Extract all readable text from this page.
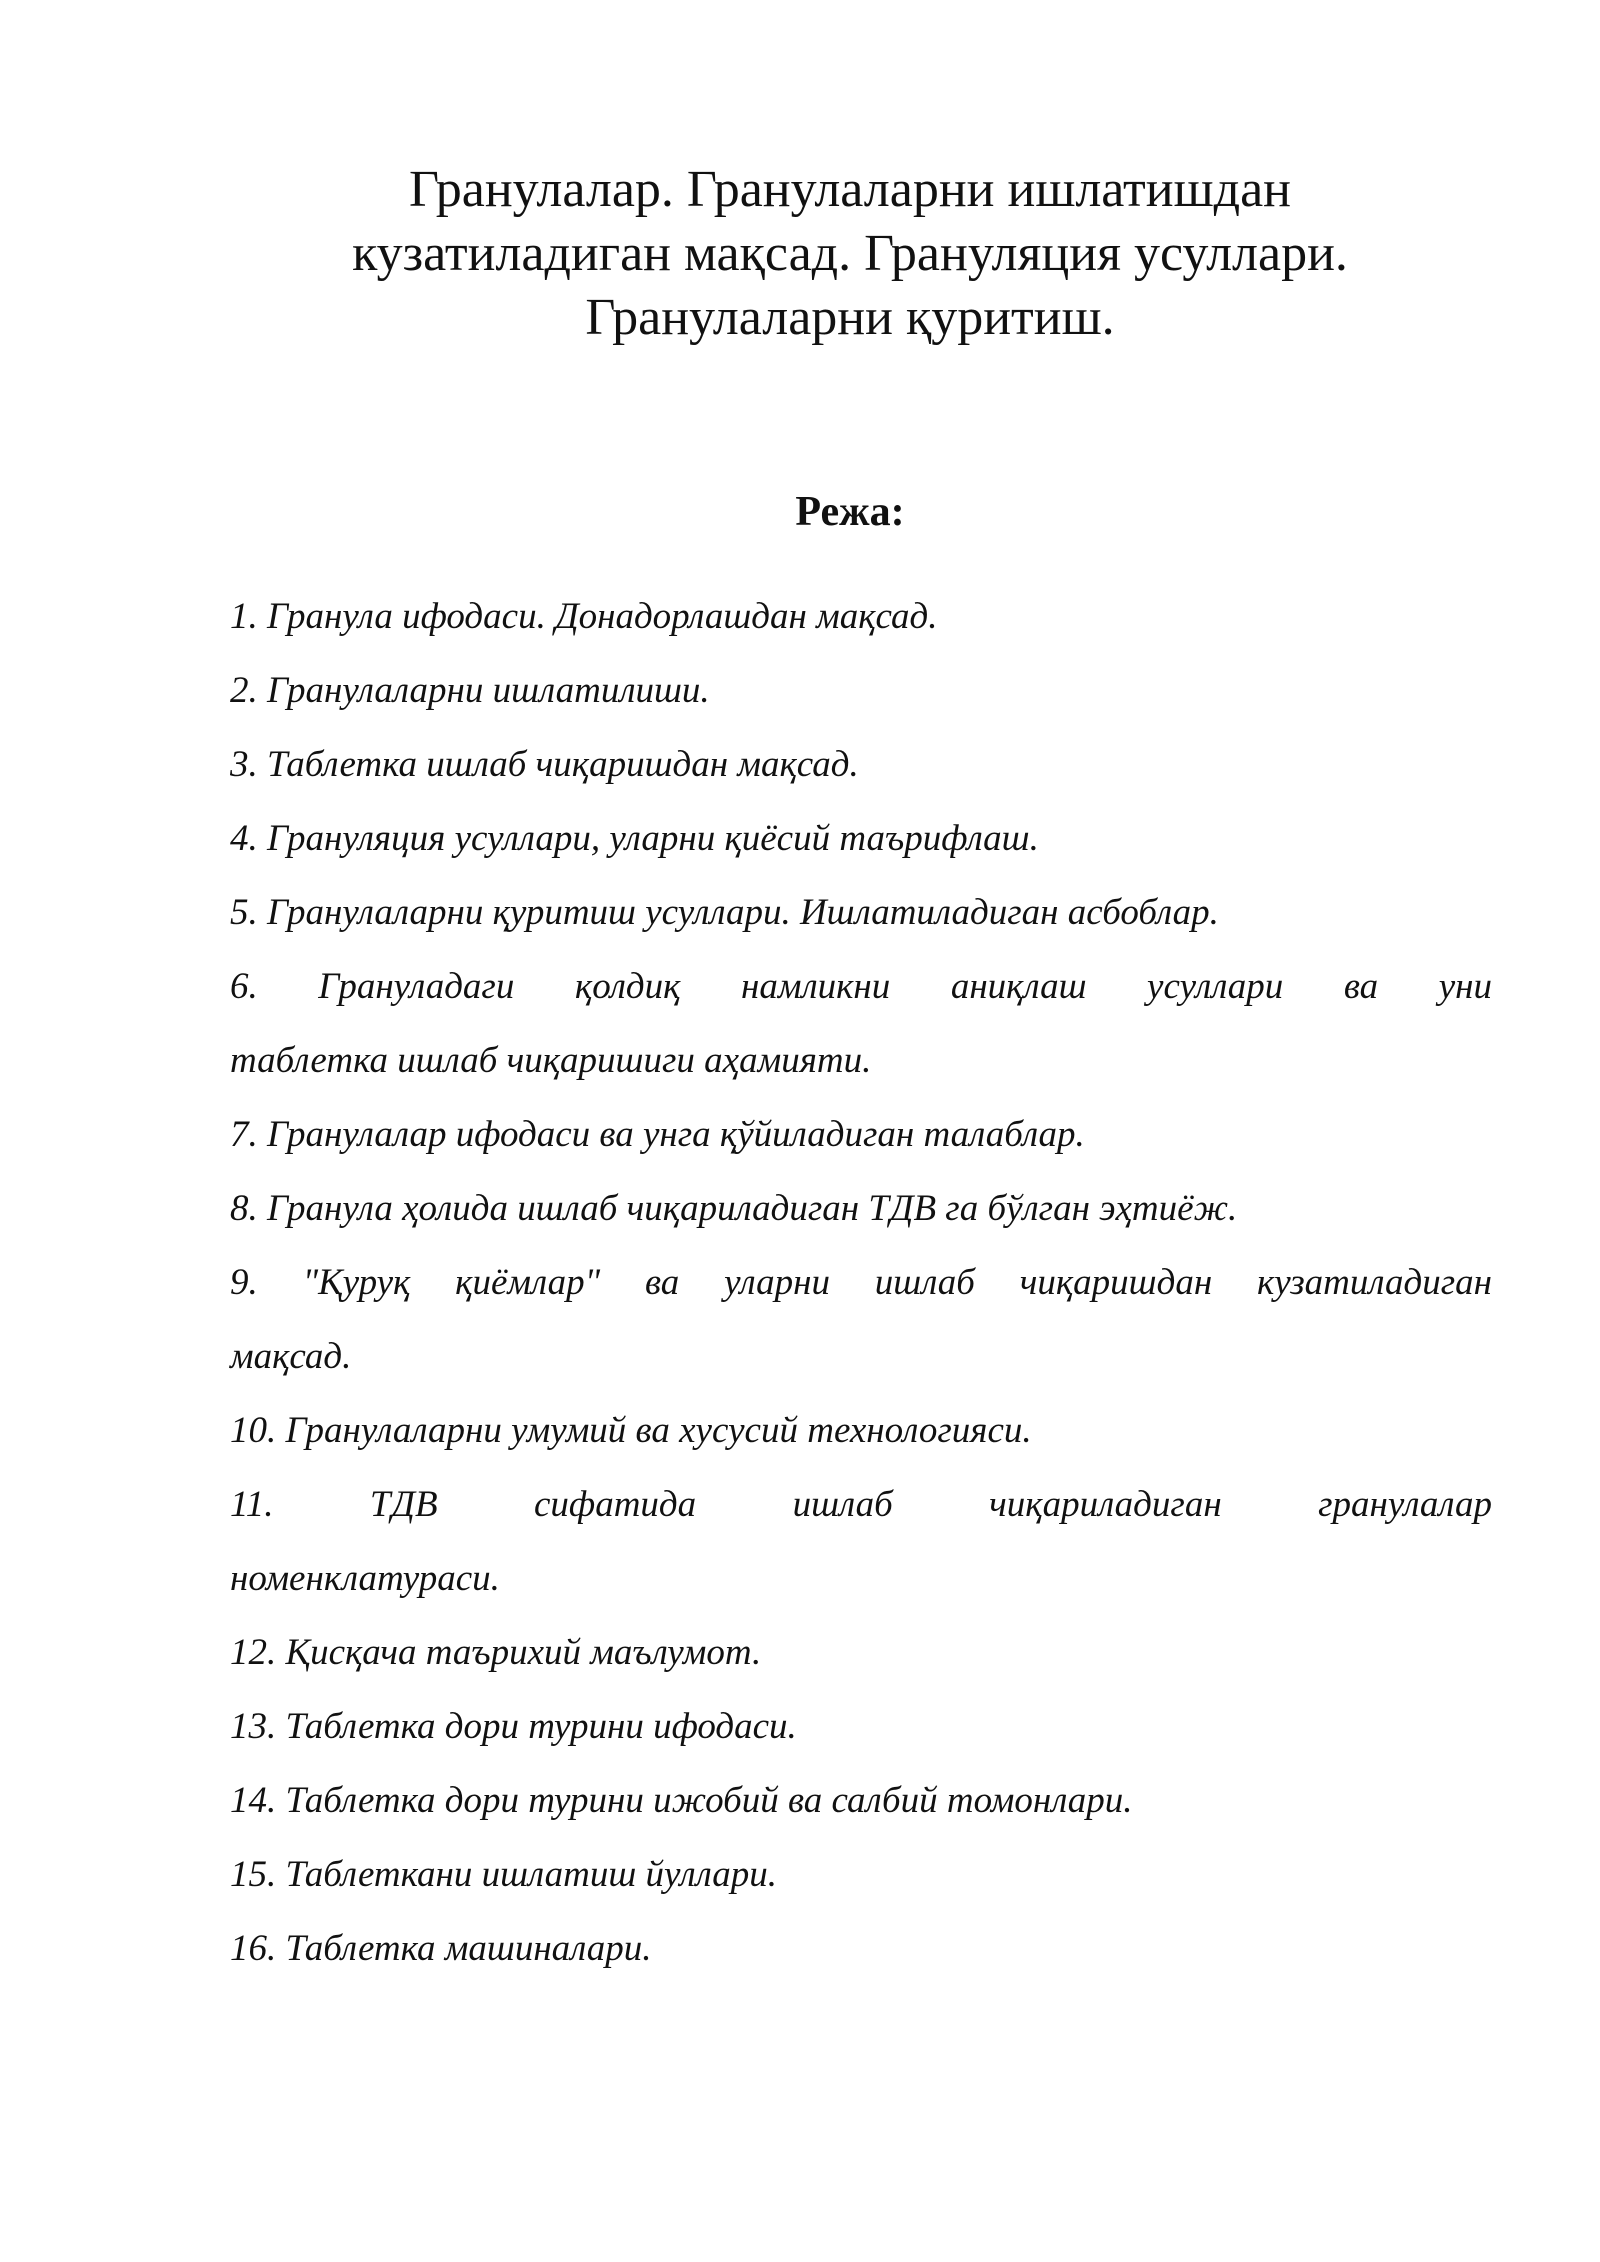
Гранулалар. Гранулаларни ишлатишдан
кузатиладиган мақсад. Грануляция усуллари.
Гранулаларни қуритиш.
Режа:
1. Гранула ифодаси. Донадорлашдан мақсад.
2. Гранулаларни ишлатилиши.
3. Таблетка ишлаб чиқаришдан мақсад.
4. Грануляция усуллари, уларни қиёсий таърифлаш.
5. Гранулаларни қуритиш усуллари. Ишлатиладиган асбоблар.
6. Грануладаги қолдиқ намликни аниқлаш усуллари ва уни
таблетка ишлаб чиқаришиги аҳамияти.
7. Гранулалар ифодаси ва унга қўйиладиган талаблар.
8. Гранула ҳолида ишлаб чиқариладиган ТДВ га бўлган эҳтиёж.
9. "Қуруқ қиёмлар" ва уларни ишлаб чиқаришдан кузатиладиган
мақсад.
10. Гранулаларни умумий ва хусусий технологияси.
11. ТДВ сифатида ишлаб чиқариладиган гранулалар
номенклатураси.
12. Қисқача таърихий маълумот.
13. Таблетка дори турини ифодаси.
14. Таблетка дори турини ижобий ва салбий томонлари.
15. Таблеткани ишлатиш йуллари.
16. Таблетка машиналари.
